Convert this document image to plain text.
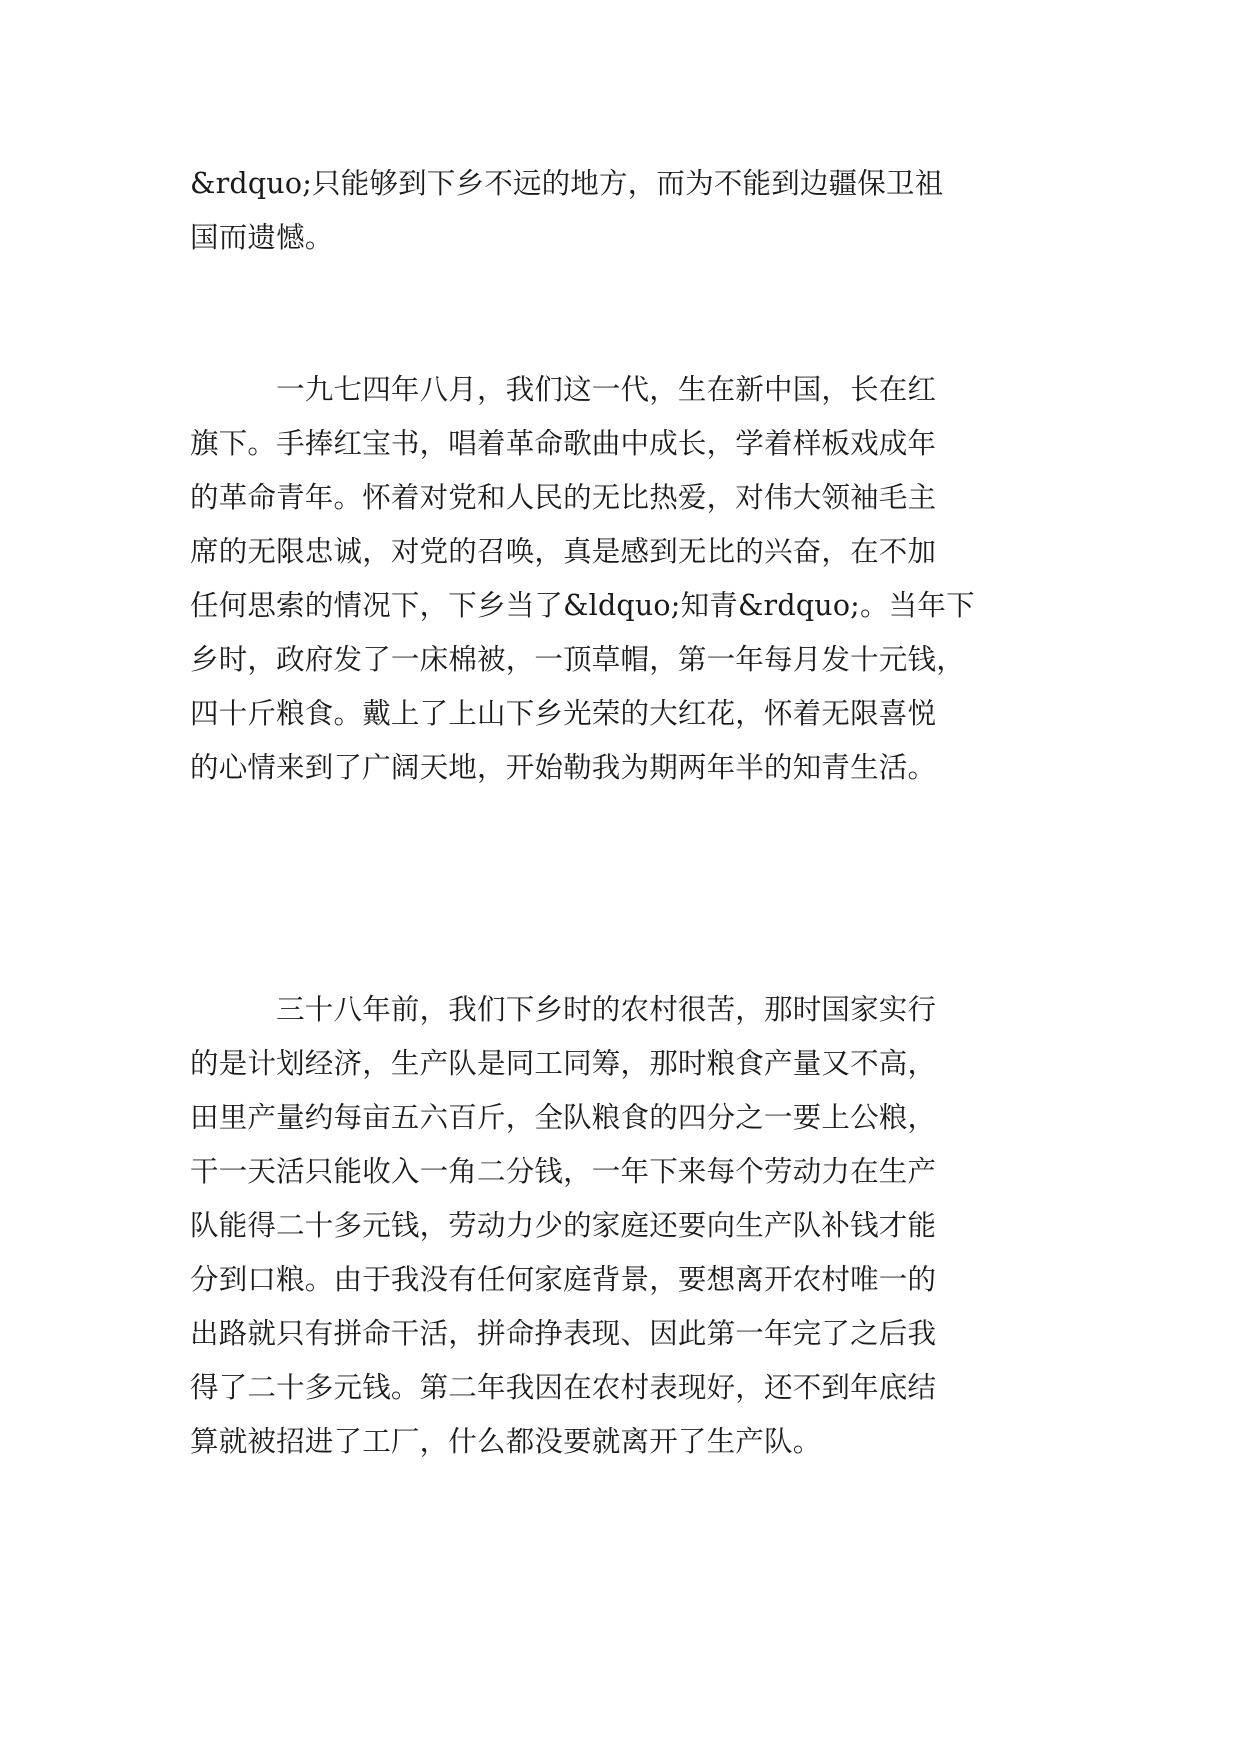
&rdquo;只能够到下乡不远的地方，而为不能到边疆保卫祖
国而遗憾。
　　　一九七四年八月，我们这一代，生在新中国，长在红
旗下。手捧红宝书，唱着革命歌曲中成长，学着样板戏成年
的革命青年。怀着对党和人民的无比热爱，对伟大领袖毛主
席的无限忠诚，对党的召唤，真是感到无比的兴奋，在不加
任何思索的情况下，下乡当了&ldquo;知青&rdquo;。当年下
乡时，政府发了一床棉被，一顶草帽，第一年每月发十元钱，
四十斤粮食。戴上了上山下乡光荣的大红花，怀着无限喜悦
的心情来到了广阔天地，开始勒我为期两年半的知青生活。
　　　三十八年前，我们下乡时的农村很苦，那时国家实行
的是计划经济，生产队是同工同筹，那时粮食产量又不高，
田里产量约每亩五六百斤，全队粮食的四分之一要上公粮，
干一天活只能收入一角二分钱，一年下来每个劳动力在生产
队能得二十多元钱，劳动力少的家庭还要向生产队补钱才能
分到口粮。由于我没有任何家庭背景，要想离开农村唯一的
出路就只有拼命干活，拼命挣表现、因此第一年完了之后我
得了二十多元钱。第二年我因在农村表现好，还不到年底结
算就被招进了工厂，什么都没要就离开了生产队。
